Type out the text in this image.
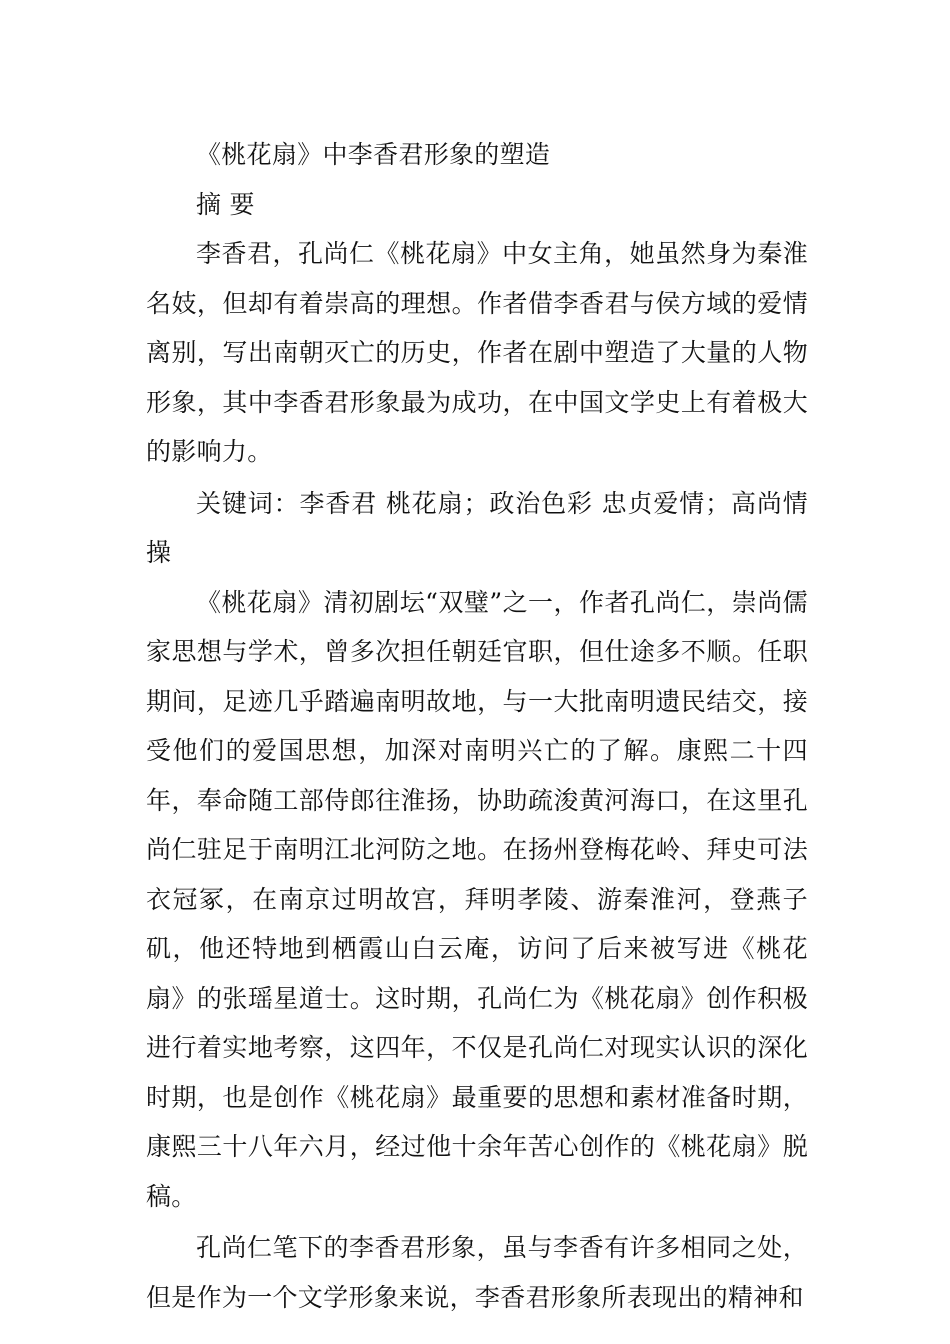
《桃花扇》中李香君形象的塑造

摘 要

李香君，孔尚仁《桃花扇》中女主角，她虽然身为秦淮名妓，但却有着崇高的理想。作者借李香君与侯方域的爱情离别，写出南朝灭亡的历史，作者在剧中塑造了大量的人物形象，其中李香君形象最为成功，在中国文学史上有着极大的影响力。

关键词：李香君 桃花扇；政治色彩 忠贞爱情；高尚情操

《桃花扇》清初剧坛“双璧”之一，作者孔尚仁，崇尚儒家思想与学术，曾多次担任朝廷官职，但仕途多不顺。任职期间，足迹几乎踏遍南明故地，与一大批南明遗民结交，接受他们的爱国思想，加深对南明兴亡的了解。康熙二十四年，奉命随工部侍郎往淮扬，协助疏浚黄河海口，在这里孔尚仁驻足于南明江北河防之地。在扬州登梅花岭、拜史可法衣冠冢，在南京过明故宫，拜明孝陵、游秦淮河，登燕子矶，他还特地到栖霞山白云庵，访问了后来被写进《桃花扇》的张瑶星道士。这时期，孔尚仁为《桃花扇》创作积极进行着实地考察，这四年，不仅是孔尚仁对现实认识的深化时期，也是创作《桃花扇》最重要的思想和素材准备时期，康熙三十八年六月，经过他十余年苦心创作的《桃花扇》脱稿。

孔尚仁笔下的李香君形象，虽与李香有许多相同之处，但是作为一个文学形象来说，李香君形象所表现出的精神和
